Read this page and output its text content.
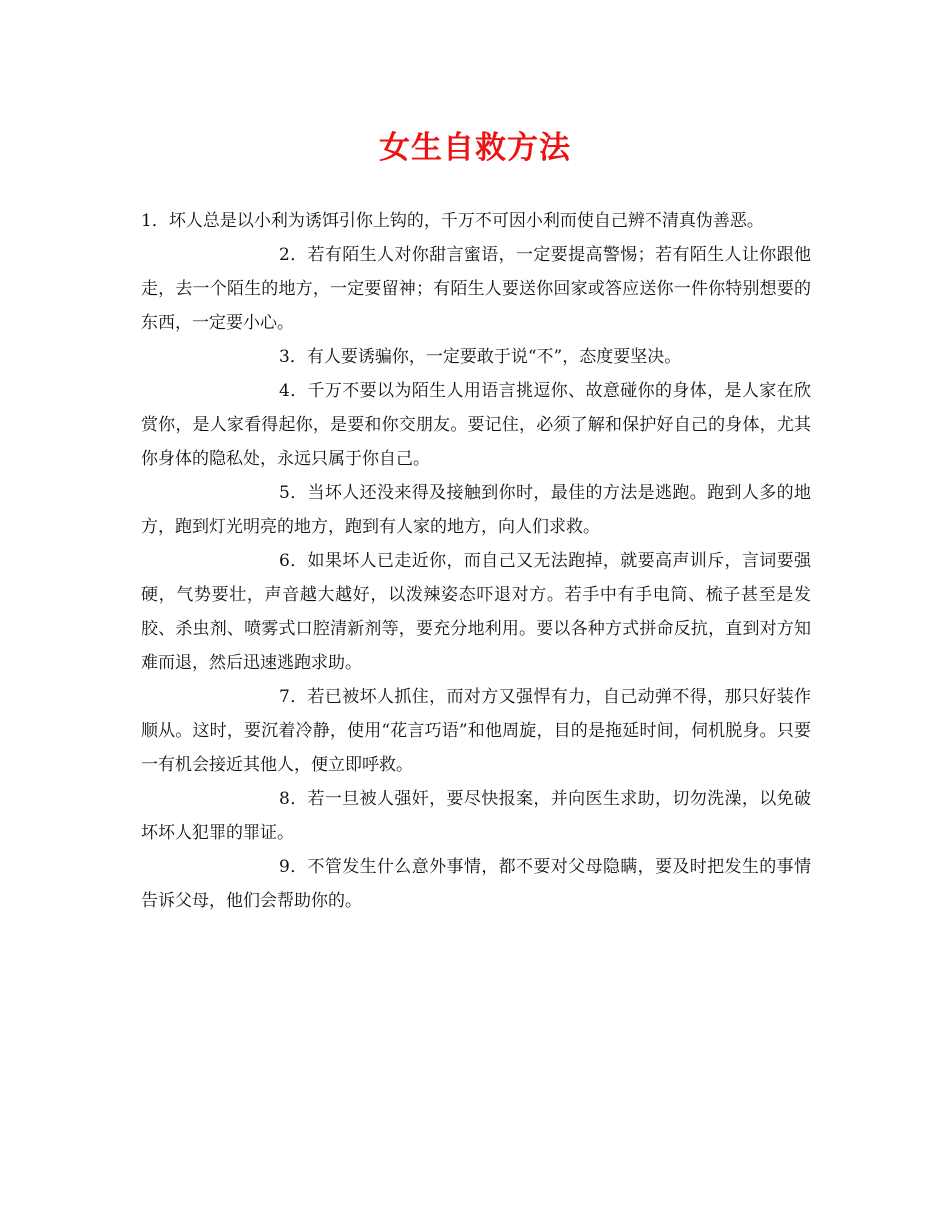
女生自救方法

1．坏人总是以小利为诱饵引你上钩的，千万不可因小利而使自己辨不清真伪善恶。

2．若有陌生人对你甜言蜜语，一定要提高警惕；若有陌生人让你跟他走，去一个陌生的地方，一定要留神；有陌生人要送你回家或答应送你一件你特别想要的东西，一定要小心。

3．有人要诱骗你，一定要敢于说“不”，态度要坚决。

4．千万不要以为陌生人用语言挑逗你、故意碰你的身体，是人家在欣赏你，是人家看得起你，是要和你交朋友。要记住，必须了解和保护好自己的身体，尤其你身体的隐私处，永远只属于你自己。

5．当坏人还没来得及接触到你时，最佳的方法是逃跑。跑到人多的地方，跑到灯光明亮的地方，跑到有人家的地方，向人们求救。

6．如果坏人已走近你，而自己又无法跑掉，就要高声训斥，言词要强硬，气势要壮，声音越大越好，以泼辣姿态吓退对方。若手中有手电筒、梳子甚至是发胶、杀虫剂、喷雾式口腔清新剂等，要充分地利用。要以各种方式拼命反抗，直到对方知难而退，然后迅速逃跑求助。

7．若已被坏人抓住，而对方又强悍有力，自己动弹不得，那只好装作顺从。这时，要沉着冷静，使用“花言巧语”和他周旋，目的是拖延时间，伺机脱身。只要一有机会接近其他人，便立即呼救。

8．若一旦被人强奸，要尽快报案，并向医生求助，切勿洗澡，以免破坏坏人犯罪的罪证。

9．不管发生什么意外事情，都不要对父母隐瞒，要及时把发生的事情告诉父母，他们会帮助你的。
